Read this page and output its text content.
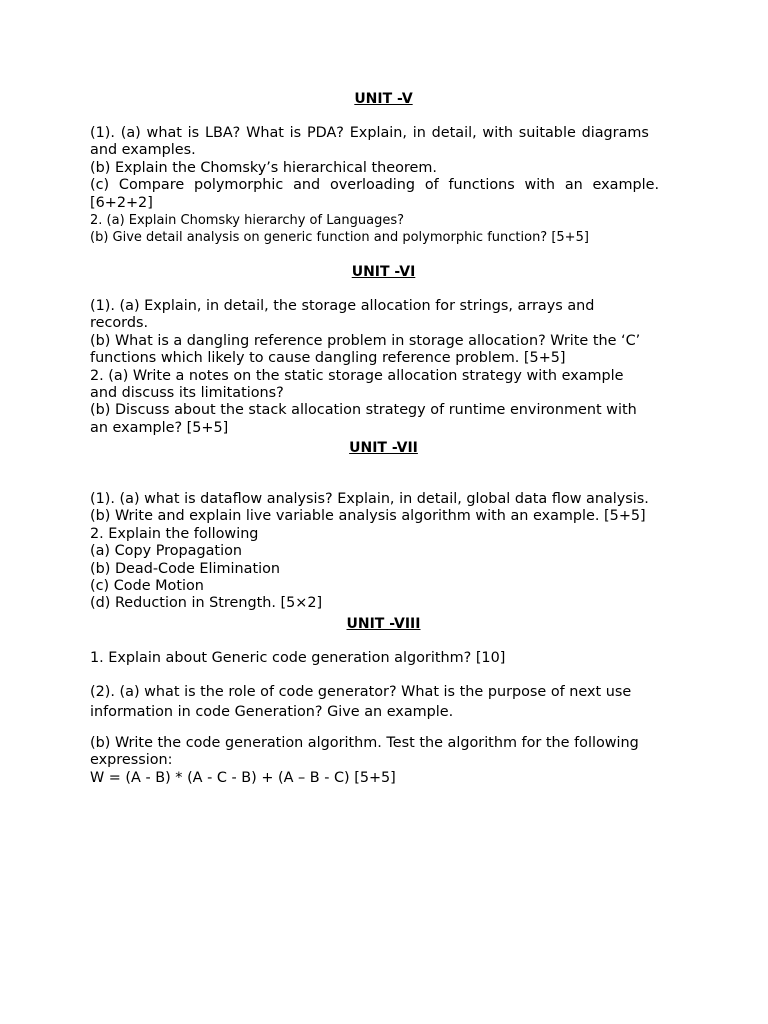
UNIT -V

(1). (a) what is LBA? What is PDA? Explain, in detail, with suitable diagrams

and examples.

(b) Explain the Chomsky’s hierarchical theorem.

(c) Compare polymorphic and overloading of functions with an example.

[6+2+2]

2. (a) Explain Chomsky hierarchy of Languages?

(b) Give detail analysis on generic function and polymorphic function? [5+5]

UNIT -VI

(1). (a) Explain, in detail, the storage allocation for strings, arrays and

records.

(b) What is a dangling reference problem in storage allocation? Write the ‘C’

functions which likely to cause dangling reference problem. [5+5]

2. (a) Write a notes on the static storage allocation strategy with example

and discuss its limitations?

(b) Discuss about the stack allocation strategy of runtime environment with

an example? [5+5]

UNIT -VII

(1). (a) what is dataflow analysis? Explain, in detail, global data flow analysis.

(b) Write and explain live variable analysis algorithm with an example. [5+5]

2. Explain the following

(a) Copy Propagation

(b) Dead-Code Elimination

(c) Code Motion

(d) Reduction in Strength. [5×2]

UNIT -VIII

1. Explain about Generic code generation algorithm? [10]

(2). (a) what is the role of code generator? What is the purpose of next use

information in code Generation? Give an example.

(b) Write the code generation algorithm. Test the algorithm for the following

expression:

W = (A - B) * (A - C - B) + (A – B - C) [5+5]
